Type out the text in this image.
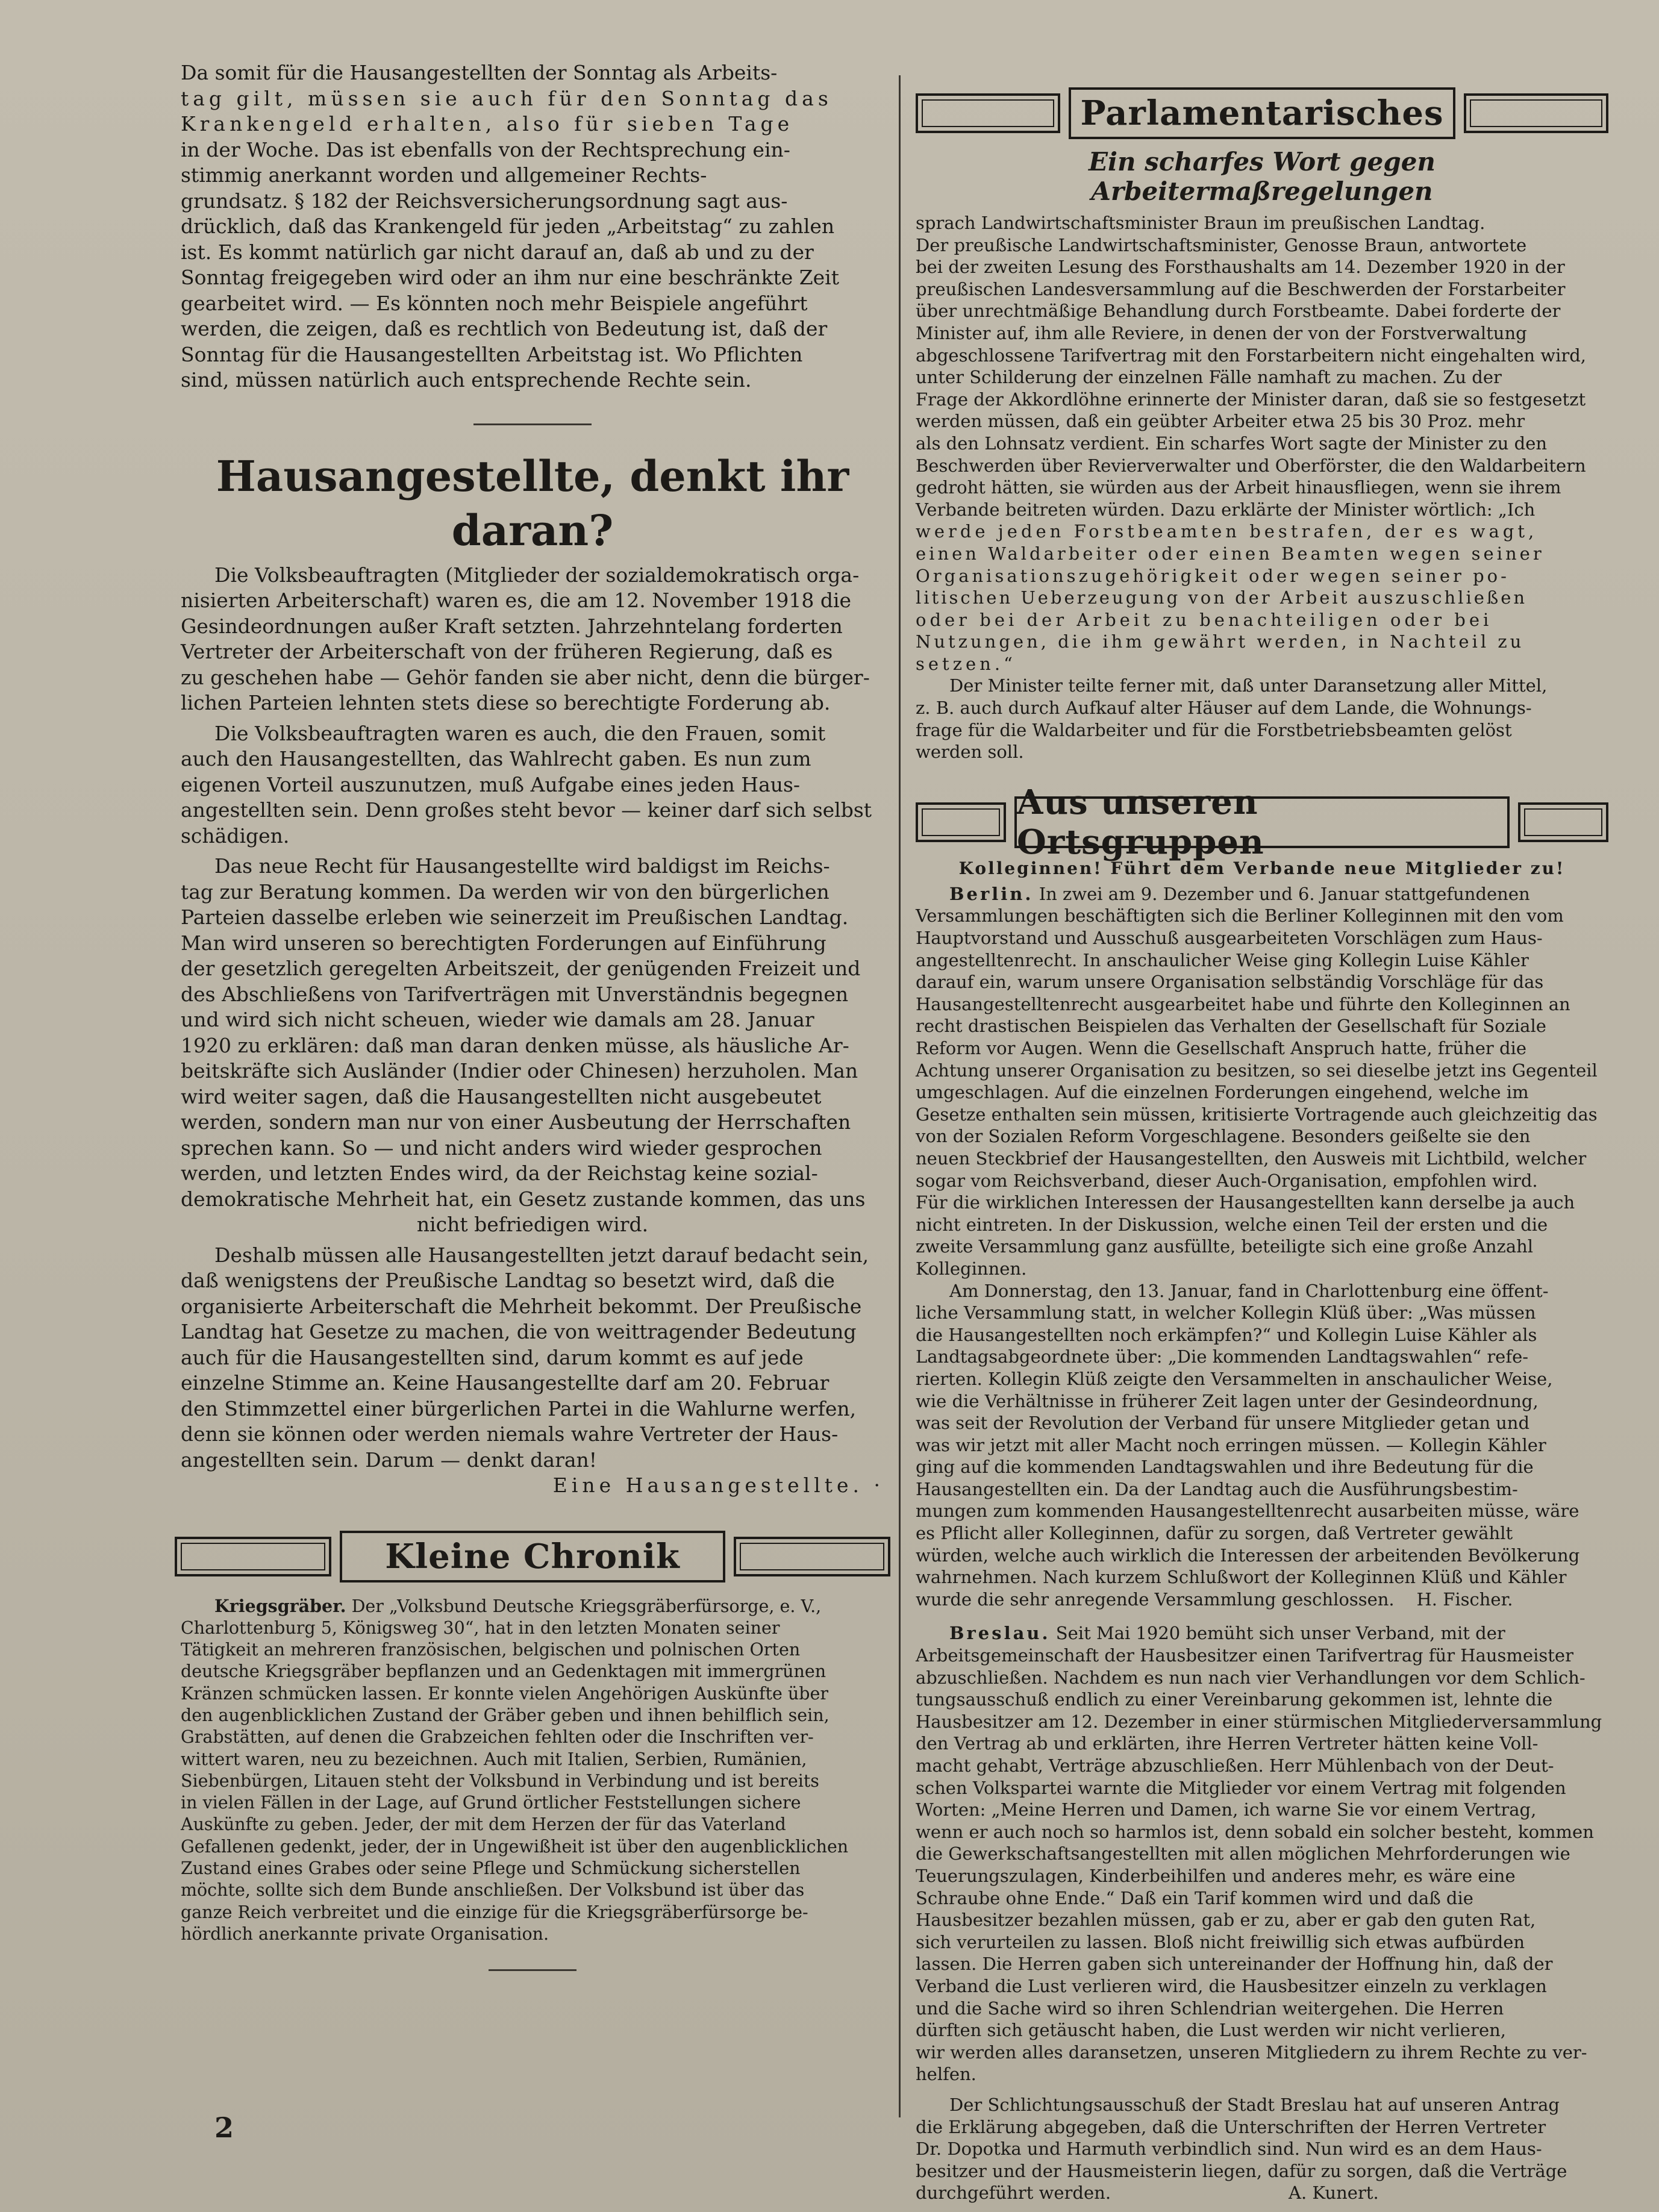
Da somit für die Hausangestellten der Sonntag als Arbeits-

tag gilt, müssen sie auch für den Sonntag das

Krankengeld erhalten, also für sieben Tage

in der Woche. Das ist ebenfalls von der Rechtsprechung ein-

stimmig anerkannt worden und allgemeiner Rechts-

grundsatz. § 182 der Reichsversicherungsordnung sagt aus-

drücklich, daß das Krankengeld für jeden „Arbeitstag“ zu zahlen

ist. Es kommt natürlich gar nicht darauf an, daß ab und zu der

Sonntag freigegeben wird oder an ihm nur eine beschränkte Zeit

gearbeitet wird. — Es könnten noch mehr Beispiele angeführt

werden, die zeigen, daß es rechtlich von Bedeutung ist, daß der

Sonntag für die Hausangestellten Arbeitstag ist. Wo Pflichten

sind, müssen natürlich auch entsprechende Rechte sein.

Hausangestellte, denkt ihr daran?

Die Volksbeauftragten (Mitglieder der sozialdemokratisch orga-

nisierten Arbeiterschaft) waren es, die am 12. November 1918 die

Gesindeordnungen außer Kraft setzten. Jahrzehntelang forderten

Vertreter der Arbeiterschaft von der früheren Regierung, daß es

zu geschehen habe — Gehör fanden sie aber nicht, denn die bürger-

lichen Parteien lehnten stets diese so berechtigte Forderung ab.

Die Volksbeauftragten waren es auch, die den Frauen, somit

auch den Hausangestellten, das Wahlrecht gaben. Es nun zum

eigenen Vorteil auszunutzen, muß Aufgabe eines jeden Haus-

angestellten sein. Denn großes steht bevor — keiner darf sich selbst

schädigen.

Das neue Recht für Hausangestellte wird baldigst im Reichs-

tag zur Beratung kommen. Da werden wir von den bürgerlichen

Parteien dasselbe erleben wie seinerzeit im Preußischen Landtag.

Man wird unseren so berechtigten Forderungen auf Einführung

der gesetzlich geregelten Arbeitszeit, der genügenden Freizeit und

des Abschließens von Tarifverträgen mit Unverständnis begegnen

und wird sich nicht scheuen, wieder wie damals am 28. Januar

1920 zu erklären: daß man daran denken müsse, als häusliche Ar-

beitskräfte sich Ausländer (Indier oder Chinesen) herzuholen. Man

wird weiter sagen, daß die Hausangestellten nicht ausgebeutet

werden, sondern man nur von einer Ausbeutung der Herrschaften

sprechen kann. So — und nicht anders wird wieder gesprochen

werden, und letzten Endes wird, da der Reichstag keine sozial-

demokratische Mehrheit hat, ein Gesetz zustande kommen, das uns

nicht befriedigen wird.

Deshalb müssen alle Hausangestellten jetzt darauf bedacht sein,

daß wenigstens der Preußische Landtag so besetzt wird, daß die

organisierte Arbeiterschaft die Mehrheit bekommt. Der Preußische

Landtag hat Gesetze zu machen, die von weittragender Bedeutung

auch für die Hausangestellten sind, darum kommt es auf jede

einzelne Stimme an. Keine Hausangestellte darf am 20. Februar

den Stimmzettel einer bürgerlichen Partei in die Wahlurne werfen,

denn sie können oder werden niemals wahre Vertreter der Haus-

angestellten sein. Darum — denkt daran!

Eine Hausangestellte. ·

Kleine Chronik

Kriegsgräber. Der „Volksbund Deutsche Kriegsgräberfürsorge, e. V.,

Charlottenburg 5, Königsweg 30“, hat in den letzten Monaten seiner

Tätigkeit an mehreren französischen, belgischen und polnischen Orten

deutsche Kriegsgräber bepflanzen und an Gedenktagen mit immergrünen

Kränzen schmücken lassen. Er konnte vielen Angehörigen Auskünfte über

den augenblicklichen Zustand der Gräber geben und ihnen behilflich sein,

Grabstätten, auf denen die Grabzeichen fehlten oder die Inschriften ver-

wittert waren, neu zu bezeichnen. Auch mit Italien, Serbien, Rumänien,

Siebenbürgen, Litauen steht der Volksbund in Verbindung und ist bereits

in vielen Fällen in der Lage, auf Grund örtlicher Feststellungen sichere

Auskünfte zu geben. Jeder, der mit dem Herzen der für das Vaterland

Gefallenen gedenkt, jeder, der in Ungewißheit ist über den augenblicklichen

Zustand eines Grabes oder seine Pflege und Schmückung sicherstellen

möchte, sollte sich dem Bunde anschließen. Der Volksbund ist über das

ganze Reich verbreitet und die einzige für die Kriegsgräberfürsorge be-

hördlich anerkannte private Organisation.

Parlamentarisches
Ein scharfes Wort gegen Arbeitermaßregelungen

sprach Landwirtschaftsminister Braun im preußischen Landtag.

Der preußische Landwirtschaftsminister, Genosse Braun, antwortete

bei der zweiten Lesung des Forsthaushalts am 14. Dezember 1920 in der

preußischen Landesversammlung auf die Beschwerden der Forstarbeiter

über unrechtmäßige Behandlung durch Forstbeamte. Dabei forderte der

Minister auf, ihm alle Reviere, in denen der von der Forstverwaltung

abgeschlossene Tarifvertrag mit den Forstarbeitern nicht eingehalten wird,

unter Schilderung der einzelnen Fälle namhaft zu machen. Zu der

Frage der Akkordlöhne erinnerte der Minister daran, daß sie so festgesetzt

werden müssen, daß ein geübter Arbeiter etwa 25 bis 30 Proz. mehr

als den Lohnsatz verdient. Ein scharfes Wort sagte der Minister zu den

Beschwerden über Revierverwalter und Oberförster, die den Waldarbeitern

gedroht hätten, sie würden aus der Arbeit hinausfliegen, wenn sie ihrem

Verbande beitreten würden. Dazu erklärte der Minister wörtlich: „Ich

werde jeden Forstbeamten bestrafen, der es wagt,

einen Waldarbeiter oder einen Beamten wegen seiner

Organisationszugehörigkeit oder wegen seiner po-

litischen Ueberzeugung von der Arbeit auszuschließen

oder bei der Arbeit zu benachteiligen oder bei

Nutzungen, die ihm gewährt werden, in Nachteil zu

setzen.“

Der Minister teilte ferner mit, daß unter Daransetzung aller Mittel,

z. B. auch durch Aufkauf alter Häuser auf dem Lande, die Wohnungs-

frage für die Waldarbeiter und für die Forstbetriebsbeamten gelöst

werden soll.

Aus unseren Ortsgruppen

Kolleginnen! Führt dem Verbande neue Mitglieder zu!

Berlin. In zwei am 9. Dezember und 6. Januar stattgefundenen

Versammlungen beschäftigten sich die Berliner Kolleginnen mit den vom

Hauptvorstand und Ausschuß ausgearbeiteten Vorschlägen zum Haus-

angestelltenrecht. In anschaulicher Weise ging Kollegin Luise Kähler

darauf ein, warum unsere Organisation selbständig Vorschläge für das

Hausangestelltenrecht ausgearbeitet habe und führte den Kolleginnen an

recht drastischen Beispielen das Verhalten der Gesellschaft für Soziale

Reform vor Augen. Wenn die Gesellschaft Anspruch hatte, früher die

Achtung unserer Organisation zu besitzen, so sei dieselbe jetzt ins Gegenteil

umgeschlagen. Auf die einzelnen Forderungen eingehend, welche im

Gesetze enthalten sein müssen, kritisierte Vortragende auch gleichzeitig das

von der Sozialen Reform Vorgeschlagene. Besonders geißelte sie den

neuen Steckbrief der Hausangestellten, den Ausweis mit Lichtbild, welcher

sogar vom Reichsverband, dieser Auch-Organisation, empfohlen wird.

Für die wirklichen Interessen der Hausangestellten kann derselbe ja auch

nicht eintreten. In der Diskussion, welche einen Teil der ersten und die

zweite Versammlung ganz ausfüllte, beteiligte sich eine große Anzahl

Kolleginnen.

Am Donnerstag, den 13. Januar, fand in Charlottenburg eine öffent-

liche Versammlung statt, in welcher Kollegin Klüß über: „Was müssen

die Hausangestellten noch erkämpfen?“ und Kollegin Luise Kähler als

Landtagsabgeordnete über: „Die kommenden Landtagswahlen“ refe-

rierten. Kollegin Klüß zeigte den Versammelten in anschaulicher Weise,

wie die Verhältnisse in früherer Zeit lagen unter der Gesindeordnung,

was seit der Revolution der Verband für unsere Mitglieder getan und

was wir jetzt mit aller Macht noch erringen müssen. — Kollegin Kähler

ging auf die kommenden Landtagswahlen und ihre Bedeutung für die

Hausangestellten ein. Da der Landtag auch die Ausführungsbestim-

mungen zum kommenden Hausangestelltenrecht ausarbeiten müsse, wäre

es Pflicht aller Kolleginnen, dafür zu sorgen, daß Vertreter gewählt

würden, welche auch wirklich die Interessen der arbeitenden Bevölkerung

wahrnehmen. Nach kurzem Schlußwort der Kolleginnen Klüß und Kähler

wurde die sehr anregende Versammlung geschlossen.    H. Fischer.

Breslau. Seit Mai 1920 bemüht sich unser Verband, mit der

Arbeitsgemeinschaft der Hausbesitzer einen Tarifvertrag für Hausmeister

abzuschließen. Nachdem es nun nach vier Verhandlungen vor dem Schlich-

tungsausschuß endlich zu einer Vereinbarung gekommen ist, lehnte die

Hausbesitzer am 12. Dezember in einer stürmischen Mitgliederversammlung

den Vertrag ab und erklärten, ihre Herren Vertreter hätten keine Voll-

macht gehabt, Verträge abzuschließen. Herr Mühlenbach von der Deut-

schen Volkspartei warnte die Mitglieder vor einem Vertrag mit folgenden

Worten: „Meine Herren und Damen, ich warne Sie vor einem Vertrag,

wenn er auch noch so harmlos ist, denn sobald ein solcher besteht, kommen

die Gewerkschaftsangestellten mit allen möglichen Mehrforderungen wie

Teuerungszulagen, Kinderbeihilfen und anderes mehr, es wäre eine

Schraube ohne Ende.“ Daß ein Tarif kommen wird und daß die

Hausbesitzer bezahlen müssen, gab er zu, aber er gab den guten Rat,

sich verurteilen zu lassen. Bloß nicht freiwillig sich etwas aufbürden

lassen. Die Herren gaben sich untereinander der Hoffnung hin, daß der

Verband die Lust verlieren wird, die Hausbesitzer einzeln zu verklagen

und die Sache wird so ihren Schlendrian weitergehen. Die Herren

dürften sich getäuscht haben, die Lust werden wir nicht verlieren,

wir werden alles daransetzen, unseren Mitgliedern zu ihrem Rechte zu ver-

helfen.

Der Schlichtungsausschuß der Stadt Breslau hat auf unseren Antrag

die Erklärung abgegeben, daß die Unterschriften der Herren Vertreter

Dr. Dopotka und Harmuth verbindlich sind. Nun wird es an dem Haus-

besitzer und der Hausmeisterin liegen, dafür zu sorgen, daß die Verträge

durchgeführt werden.                                A. Kunert.

2
